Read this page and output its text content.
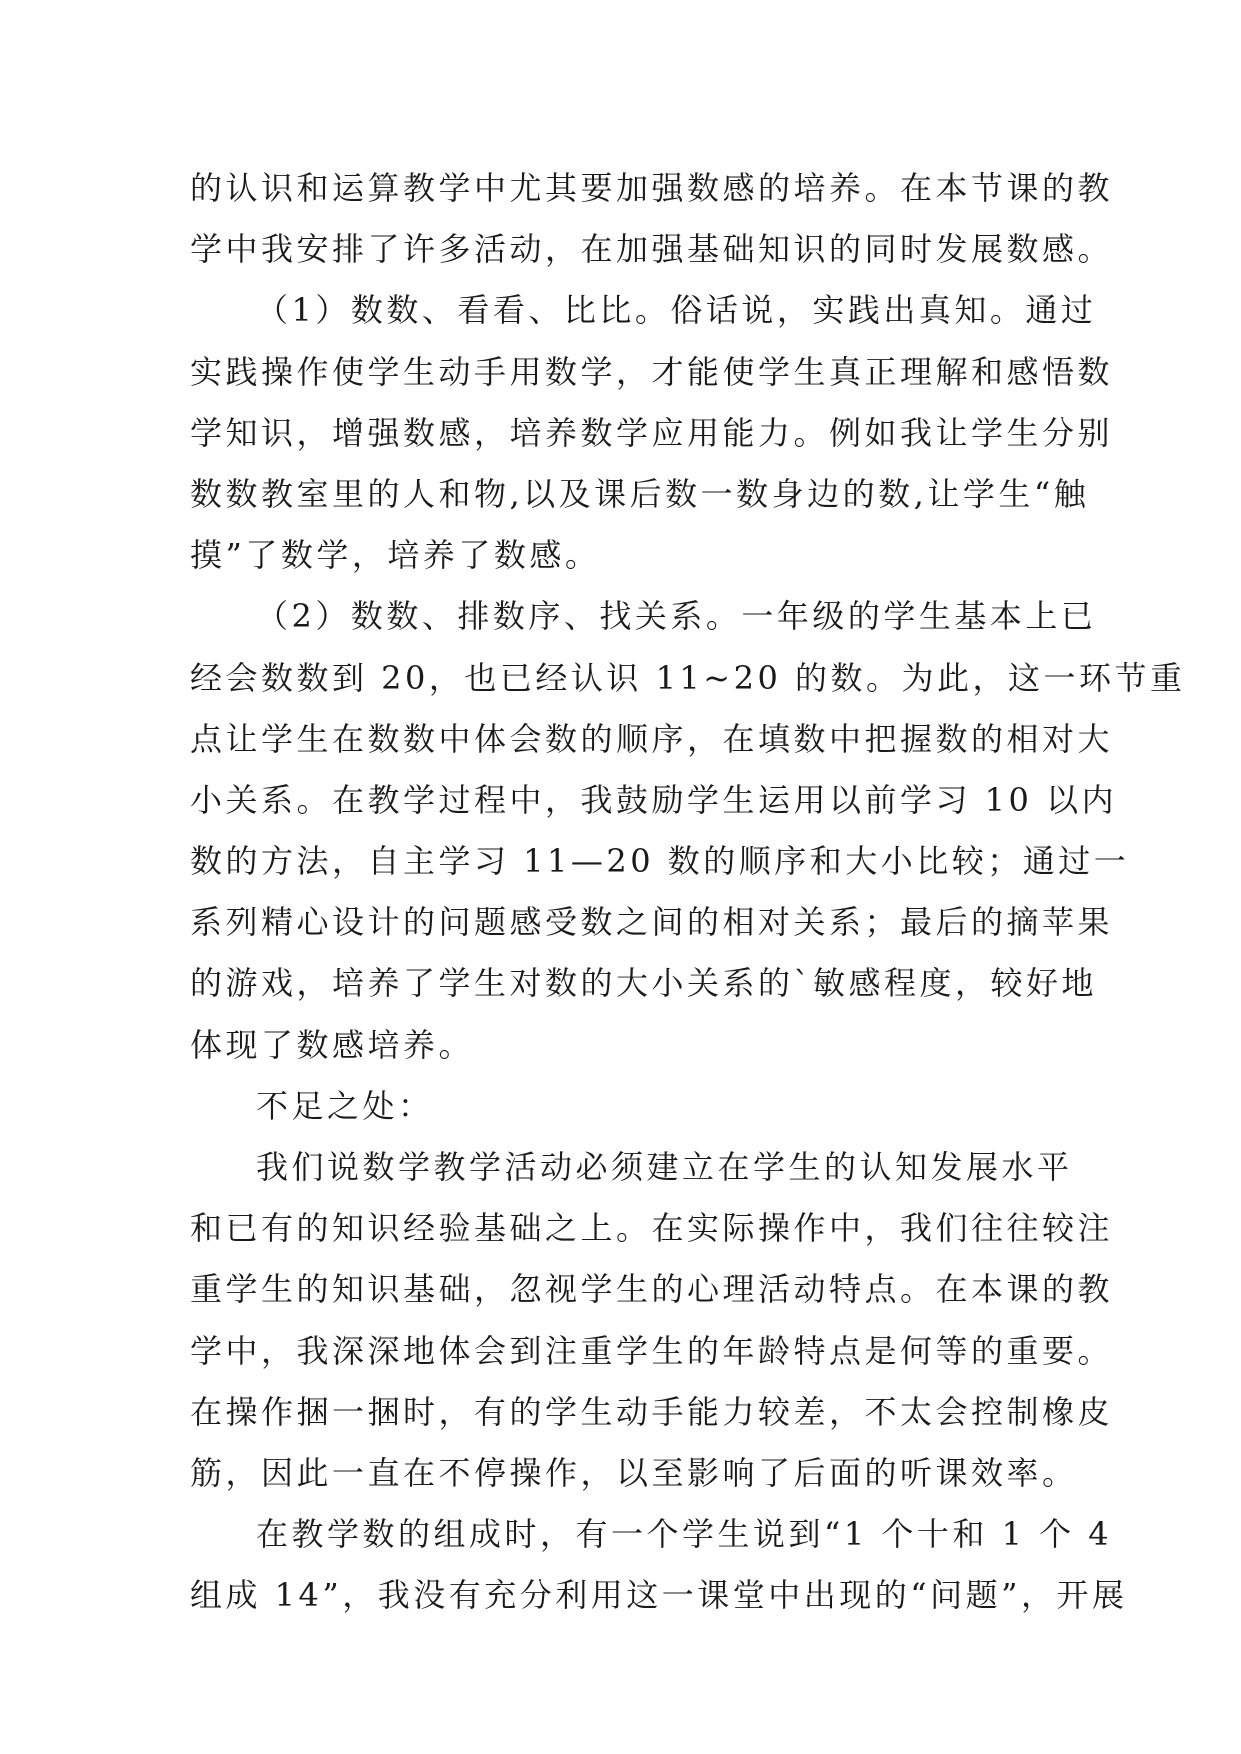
的认识和运算教学中尤其要加强数感的培养。在本节课的教
学中我安排了许多活动，在加强基础知识的同时发展数感。
（1）数数、看看、比比。俗话说，实践出真知。通过
实践操作使学生动手用数学，才能使学生真正理解和感悟数
学知识，增强数感，培养数学应用能力。例如我让学生分别
数数教室里的人和物,以及课后数一数身边的数,让学生“触
摸”了数学，培养了数感。
（2）数数、排数序、找关系。一年级的学生基本上已
经会数数到 20，也已经认识 11~20 的数。为此，这一环节重
点让学生在数数中体会数的顺序，在填数中把握数的相对大
小关系。在教学过程中，我鼓励学生运用以前学习 10 以内
数的方法，自主学习 11—20 数的顺序和大小比较；通过一
系列精心设计的问题感受数之间的相对关系；最后的摘苹果
的游戏，培养了学生对数的大小关系的`敏感程度，较好地
体现了数感培养。
不足之处：
我们说数学教学活动必须建立在学生的认知发展水平
和已有的知识经验基础之上。在实际操作中，我们往往较注
重学生的知识基础，忽视学生的心理活动特点。在本课的教
学中，我深深地体会到注重学生的年龄特点是何等的重要。
在操作捆一捆时，有的学生动手能力较差，不太会控制橡皮
筋，因此一直在不停操作，以至影响了后面的听课效率。
在教学数的组成时，有一个学生说到“1 个十和 1 个 4
组成 14”，我没有充分利用这一课堂中出现的“问题”，开展
